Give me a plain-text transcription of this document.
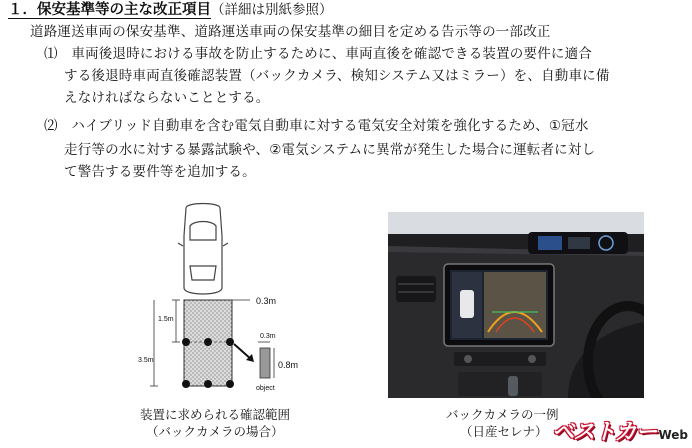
１．保安基準等の主な改正項目（詳細は別紙参照）
道路運送車両の保安基準、道路運送車両の保安基準の細目を定める告示等の一部改正
⑴　車両後退時における事故を防止するために、車両直後を確認できる装置の要件に適合
する後退時車両直後確認装置（バックカメラ、検知システム又はミラー）を、自動車に備
えなければならないこととする。
⑵　ハイブリッド自動車を含む電気自動車に対する電気安全対策を強化するため、①冠水
走行等の水に対する暴露試験や、②電気システムに異常が発生した場合に運転者に対し
て警告する要件等を追加する。
0.3m
1.5m
3.5m
0.3m
0.8m
object
装置に求められる確認範囲
（バックカメラの場合）
バックカメラの一例
（日産セレナ） ベストカー Web
